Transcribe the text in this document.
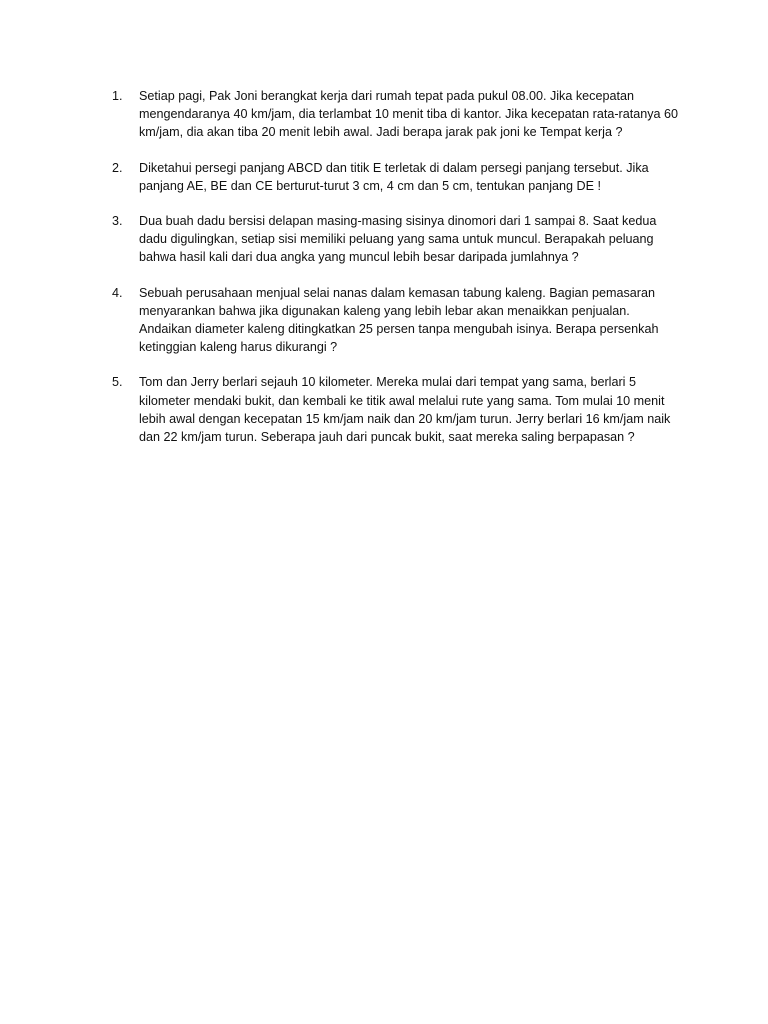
1.	Setiap pagi, Pak Joni berangkat kerja dari rumah tepat pada pukul 08.00. Jika kecepatan mengendaranya 40 km/jam, dia terlambat 10 menit tiba di kantor. Jika kecepatan rata-ratanya 60 km/jam, dia akan tiba 20 menit lebih awal. Jadi berapa jarak pak joni ke Tempat kerja ?
2.	Diketahui persegi panjang ABCD dan titik E terletak di dalam persegi panjang tersebut. Jika panjang AE, BE dan CE berturut-turut 3 cm, 4 cm dan 5 cm, tentukan panjang DE !
3.	Dua buah dadu bersisi delapan masing-masing sisinya dinomori dari 1 sampai 8. Saat kedua dadu digulingkan, setiap sisi memiliki peluang yang sama untuk muncul. Berapakah peluang bahwa hasil kali dari dua angka yang muncul lebih besar daripada jumlahnya ?
4.	Sebuah perusahaan menjual selai nanas dalam kemasan tabung kaleng. Bagian pemasaran menyarankan bahwa jika digunakan kaleng yang lebih lebar akan menaikkan penjualan. Andaikan diameter kaleng ditingkatkan 25 persen tanpa mengubah isinya. Berapa persenkah ketinggian kaleng harus dikurangi ?
5.	Tom dan Jerry berlari sejauh 10 kilometer. Mereka mulai dari tempat yang sama, berlari 5 kilometer mendaki bukit, dan kembali ke titik awal melalui rute yang sama. Tom mulai 10 menit lebih awal dengan kecepatan 15 km/jam naik dan 20 km/jam turun. Jerry berlari 16 km/jam naik dan 22 km/jam turun. Seberapa jauh dari puncak bukit, saat mereka saling berpapasan ?
